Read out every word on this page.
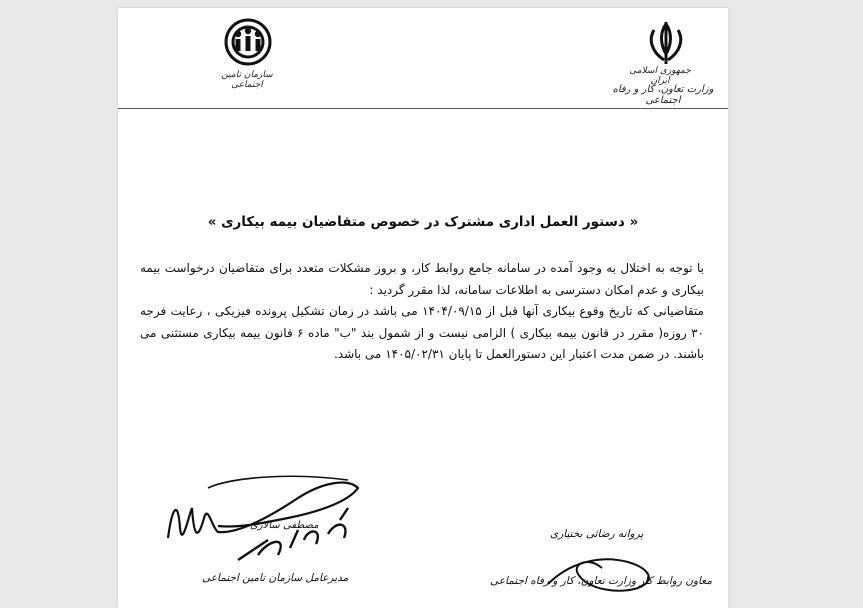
جمهوری اسلامی ایران
وزارت تعاون، کار و رفاه اجتماعی
سازمان تامین اجتماعی
« دستور العمل اداری مشترک در خصوص متقاضیان بیمه بیکاری »

با توجه به اختلال به وجود آمده در سامانه جامع روابط کار، و بروز مشکلات متعدد برای متقاضیان درخواست بیمه بیکاری و عدم امکان دسترسی به اطلاعات سامانه، لذا مقرر گردید :

متقاضیانی که تاریخ وقوع بیکاری آنها قبل از ۱۴۰۴/۰۹/۱۵ می باشد در زمان تشکیل پرونده فیزیکی ، رعایت فرجه ۳۰ روزه( مقرر در قانون بیمه بیکاری ) الزامی نیست و از شمول بند "ب" ماده ۶ قانون بیمه بیکاری مستثنی می باشند. در ضمن مدت اعتبار این دستورالعمل تا پایان ۱۴۰۵/۰۲/۳۱ می باشد.

مصطفی سالاری
مدیرعامل سازمان تامین اجتماعی
پروانه رضائی بختیاری
معاون روابط کار وزارت تعاون، کار و رفاه اجتماعی
